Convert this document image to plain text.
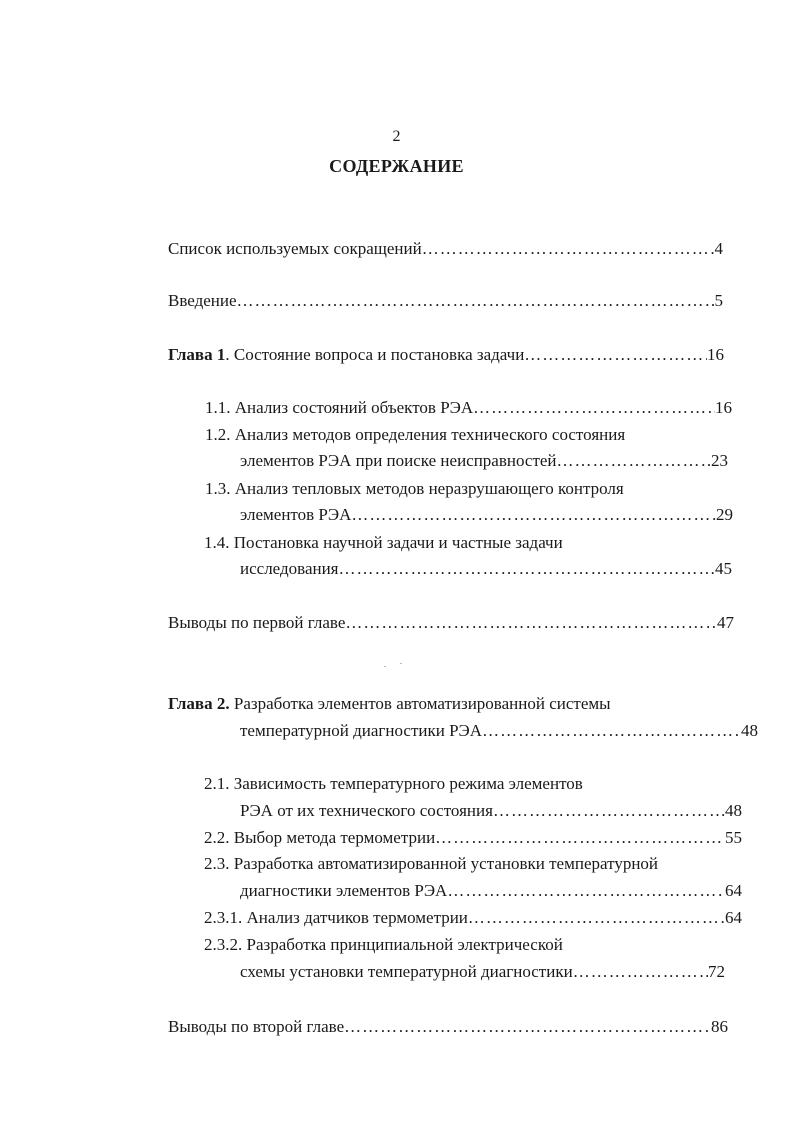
2
СОДЕРЖАНИЕ
Список используемых сокращений ……………………………………………………………………………………………………………………………………………………	4
Введение ……………………………………………………………………………………………………………………………………………………	5
Глава 1. Состояние вопроса и постановка задачи ……………………………………………………………………………………………………………………………………………………	16
1.1. Анализ состояний объектов РЭА ……………………………………………………………………………………………………………………………………………………	16
1.2. Анализ методов определения технического состояния
элементов РЭА при поиске неисправностей ……………………………………………………………………………………………………………………………………………………	23
1.3. Анализ тепловых методов неразрушающего контроля
элементов РЭА ……………………………………………………………………………………………………………………………………………………	29
1.4. Постановка научной задачи и частные задачи
исследования ……………………………………………………………………………………………………………………………………………………	45
Выводы по первой главе ……………………………………………………………………………………………………………………………………………………	47
Глава 2. Разработка элементов автоматизированной системы
температурной диагностики РЭА ……………………………………………………………………………………………………………………………………………………	48
2.1. Зависимость температурного режима элементов
РЭА от их технического состояния ……………………………………………………………………………………………………………………………………………………	48
2.2. Выбор метода термометрии ……………………………………………………………………………………………………………………………………………………	55
2.3. Разработка автоматизированной установки температурной
диагностики элементов РЭА ……………………………………………………………………………………………………………………………………………………	64
2.3.1. Анализ датчиков термометрии ……………………………………………………………………………………………………………………………………………………	64
2.3.2. Разработка принципиальной электрической
схемы установки температурной диагностики ……………………………………………………………………………………………………………………………………………………	72
Выводы по второй главе ……………………………………………………………………………………………………………………………………………………	86
